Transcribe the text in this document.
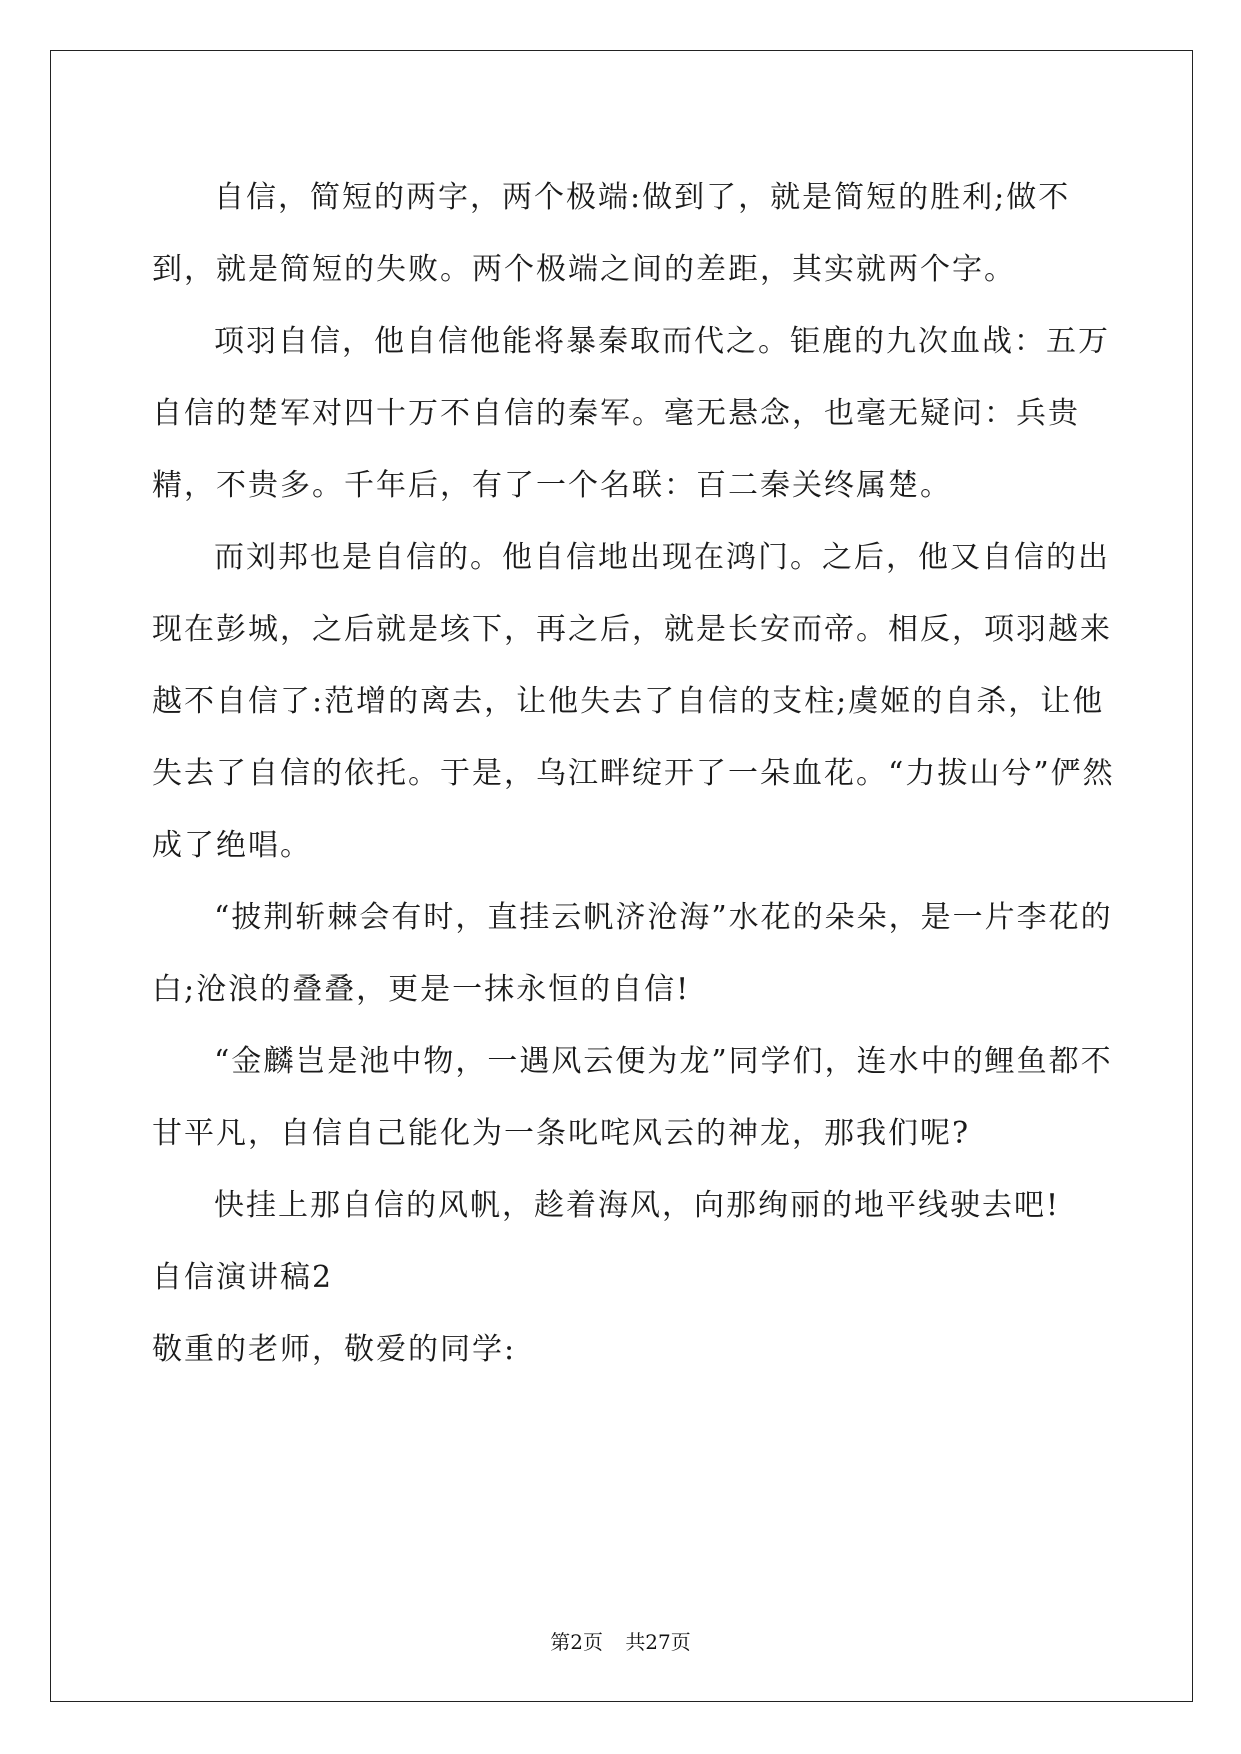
自信，简短的两字，两个极端:做到了，就是简短的胜利;做不到，就是简短的失败。两个极端之间的差距，其实就两个字。

项羽自信，他自信他能将暴秦取而代之。钜鹿的九次血战：五万自信的楚军对四十万不自信的秦军。毫无悬念，也毫无疑问：兵贵精，不贵多。千年后，有了一个名联：百二秦关终属楚。

而刘邦也是自信的。他自信地出现在鸿门。之后，他又自信的出现在彭城，之后就是垓下，再之后，就是长安而帝。相反，项羽越来越不自信了:范增的离去，让他失去了自信的支柱;虞姬的自杀，让他失去了自信的依托。于是，乌江畔绽开了一朵血花。“力拔山兮”俨然成了绝唱。

“披荆斩棘会有时，直挂云帆济沧海”水花的朵朵，是一片李花的白;沧浪的叠叠，更是一抹永恒的自信!

“金麟岂是池中物，一遇风云便为龙”同学们，连水中的鲤鱼都不甘平凡，自信自己能化为一条叱咤风云的神龙，那我们呢?

快挂上那自信的风帆，趁着海风，向那绚丽的地平线驶去吧!

自信演讲稿2

敬重的老师，敬爱的同学:

第2页 共27页
